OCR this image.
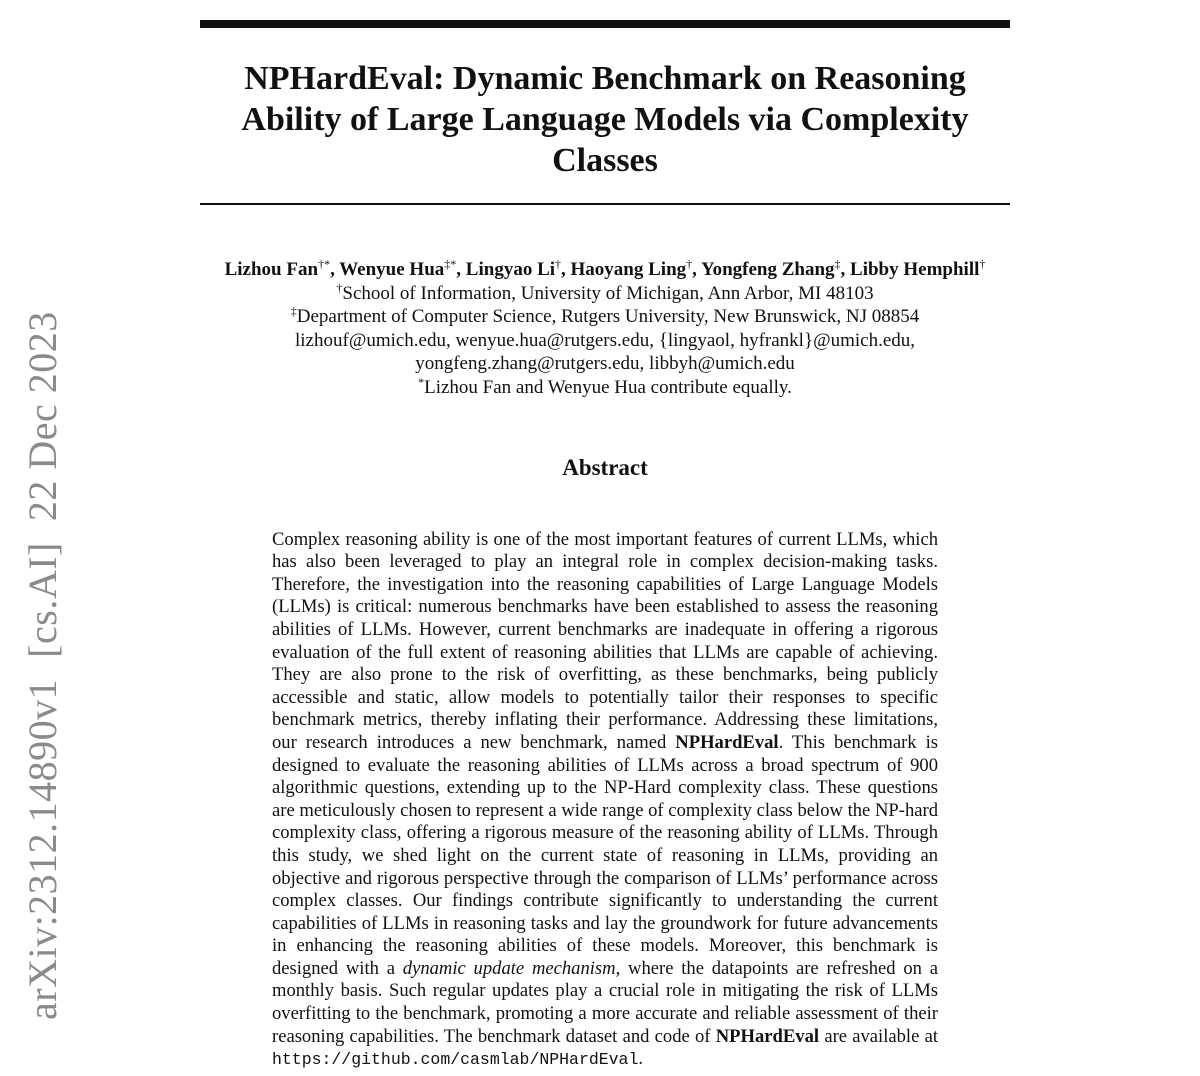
arXiv:2312.14890v1  [cs.AI]  22 Dec 2023
NPHardEval: Dynamic Benchmark on Reasoning Ability of Large Language Models via Complexity Classes
Lizhou Fan†*, Wenyue Hua‡*, Lingyao Li†, Haoyang Ling†, Yongfeng Zhang‡, Libby Hemphill†
†School of Information, University of Michigan, Ann Arbor, MI 48103
‡Department of Computer Science, Rutgers University, New Brunswick, NJ 08854
lizhouf@umich.edu, wenyue.hua@rutgers.edu, {lingyaol, hyfrankl}@umich.edu,
yongfeng.zhang@rutgers.edu, libbyh@umich.edu
*Lizhou Fan and Wenyue Hua contribute equally.
Abstract

Complex reasoning ability is one of the most important features of current LLMs, which has also been leveraged to play an integral role in complex decision-making tasks. Therefore, the investigation into the reasoning capabilities of Large Language Models (LLMs) is critical: numerous benchmarks have been established to assess the reasoning abilities of LLMs. However, current benchmarks are inadequate in offering a rigorous evaluation of the full extent of reasoning abilities that LLMs are capable of achieving. They are also prone to the risk of overfitting, as these benchmarks, being publicly accessible and static, allow models to potentially tailor their responses to specific benchmark metrics, thereby inflating their performance. Addressing these limitations, our research introduces a new benchmark, named NPHardEval. This benchmark is designed to evaluate the reasoning abilities of LLMs across a broad spectrum of 900 algorithmic questions, extending up to the NP-Hard complexity class. These questions are meticulously chosen to represent a wide range of complexity class below the NP-hard complexity class, offering a rigorous measure of the reasoning ability of LLMs. Through this study, we shed light on the current state of reasoning in LLMs, providing an objective and rigorous perspective through the comparison of LLMs’ performance across complex classes. Our findings contribute significantly to understanding the current capabilities of LLMs in reasoning tasks and lay the groundwork for future advancements in enhancing the reasoning abilities of these models. Moreover, this benchmark is designed with a dynamic update mechanism, where the datapoints are refreshed on a monthly basis. Such regular updates play a crucial role in mitigating the risk of LLMs overfitting to the benchmark, promoting a more accurate and reliable assessment of their reasoning capabilities. The benchmark dataset and code of NPHardEval are available at https://github.com/casmlab/NPHardEval.
